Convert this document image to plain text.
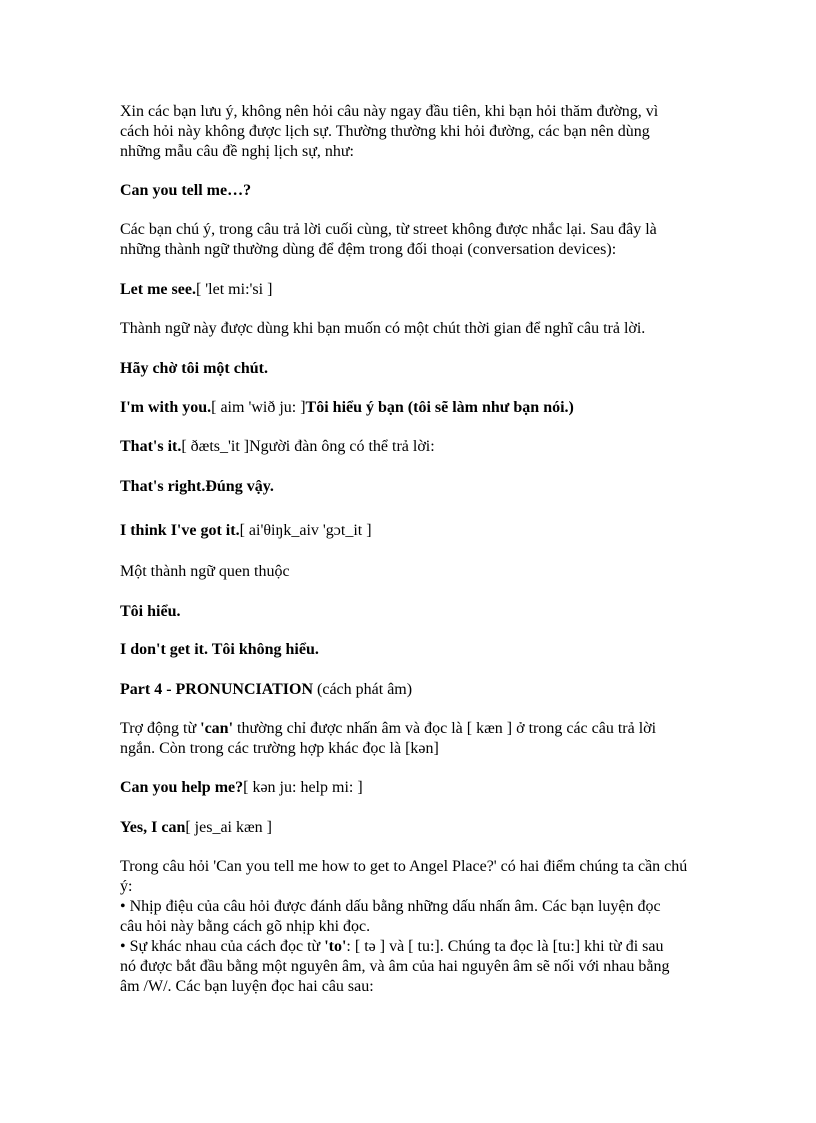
Xin các bạn lưu ý, không nên hỏi câu này ngay đầu tiên, khi bạn hỏi thăm đường, vì
cách hỏi này không được lịch sự. Thường thường khi hỏi đường, các bạn nên dùng
những mẫu câu đề nghị lịch sự, như:

Can you tell me…?

Các bạn chú ý, trong câu trả lời cuối cùng, từ street không được nhắc lại. Sau đây là
những thành ngữ thường dùng để đệm trong đối thoại (conversation devices):

Let me see.[ 'let mi:'si ]

Thành ngữ này được dùng khi bạn muốn có một chút thời gian để nghĩ câu trả lời.

Hãy chờ tôi một chút.

I'm with you.[ aim 'wið ju: ]Tôi hiểu ý bạn (tôi sẽ làm như bạn nói.)

That's it.[ ðæts_'it ]Người đàn ông có thể trả lời:

That's right.Đúng vậy.

I think I've got it.[ ai'θiŋk_aiv 'gɔt_it ]

Một thành ngữ quen thuộc

Tôi hiểu.

I don't get it. Tôi không hiểu.

Part 4 - PRONUNCIATION (cách phát âm)

Trợ động từ 'can' thường chỉ được nhấn âm và đọc là [ kæn ] ở trong các câu trả lời
ngắn. Còn trong các trường hợp khác đọc là [kən]

Can you help me?[ kən ju: help mi: ]

Yes, I can[ jes_ai kæn ]

Trong câu hỏi 'Can you tell me how to get to Angel Place?' có hai điểm chúng ta cần chú
ý:
• Nhịp điệu của câu hỏi được đánh dấu bằng những dấu nhấn âm. Các bạn luyện đọc
câu hỏi này bằng cách gõ nhịp khi đọc.
• Sự khác nhau của cách đọc từ 'to': [ tə ] và [ tu:]. Chúng ta đọc là [tu:] khi từ đi sau
nó được bắt đầu bằng một nguyên âm, và âm của hai nguyên âm sẽ nối với nhau bằng
âm /W/. Các bạn luyện đọc hai câu sau:
